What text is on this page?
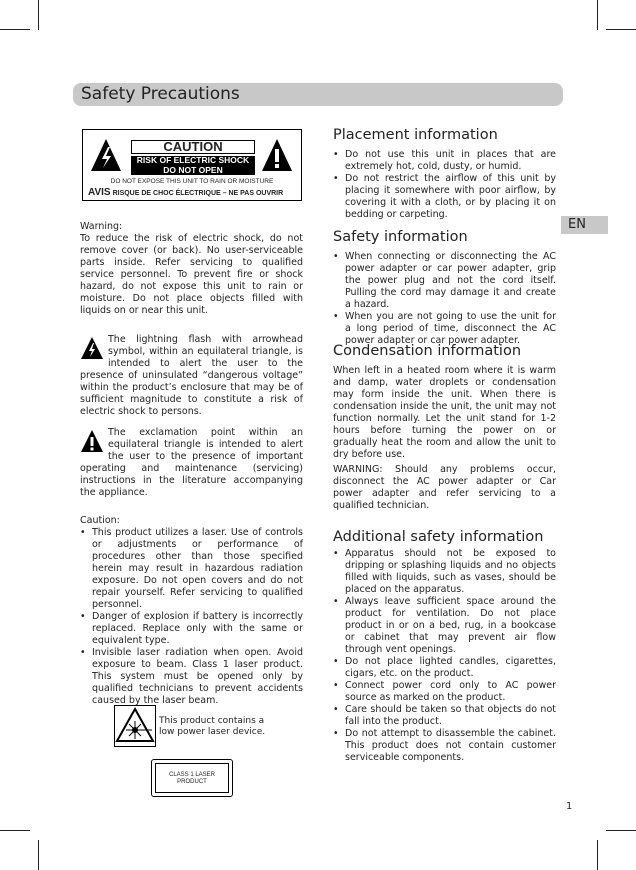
Safety Precautions
EN
1
CAUTION
RISK OF ELECTRIC SHOCK
DO NOT OPEN
DO NOT EXPOSE THIS UNIT TO RAIN OR MOISTURE
AVIS RISQUE DE CHOC ÉLECTRIQUE – NE PAS OUVRIR
Warning:
To reduce the risk of electric shock, do not remove cover (or back). No user-serviceable parts inside. Refer servicing to qualified service personnel. To prevent fire or shock hazard, do not expose this unit to rain or moisture. Do not place objects filled with liquids on or near this unit.
The lightning flash with arrowhead symbol, within an equilateral triangle, is intended to alert the user to the presence of uninsulated “dangerous voltage” within the product’s enclosure that may be of sufficient magnitude to constitute a risk of electric shock to persons.
The exclamation point within an equilateral triangle is intended to alert the user to the presence of important operating and maintenance (servicing) instructions in the literature accompanying the appliance.
Caution:
• This product utilizes a laser. Use of controls or adjustments or performance of procedures other than those specified herein may result in hazardous radiation exposure. Do not open covers and do not repair yourself. Refer servicing to qualified personnel.
• Danger of explosion if battery is incorrectly replaced. Replace only with the same or equivalent type.
• Invisible laser radiation when open. Avoid exposure to beam. Class 1 laser product. This system must be opened only by qualified technicians to prevent accidents caused by the laser beam.
This product contains a low power laser device.
CLASS 1 LASER
PRODUCT
Placement information
• Do not use this unit in places that are extremely hot, cold, dusty, or humid.
• Do not restrict the airflow of this unit by placing it somewhere with poor airflow, by covering it with a cloth, or by placing it on bedding or carpeting.
Safety information
• When connecting or disconnecting the AC power adapter or car power adapter, grip the power plug and not the cord itself. Pulling the cord may damage it and create a hazard.
• When you are not going to use the unit for a long period of time, disconnect the AC power adapter or car power adapter.
Condensation information
When left in a heated room where it is warm and damp, water droplets or condensation may form inside the unit. When there is condensation inside the unit, the unit may not function normally. Let the unit stand for 1-2 hours before turning the power on or gradually heat the room and allow the unit to dry before use.
WARNING: Should any problems occur, disconnect the AC power adapter or Car power adapter and refer servicing to a qualified technician.
Additional safety information
• Apparatus should not be exposed to dripping or splashing liquids and no objects filled with liquids, such as vases, should be placed on the apparatus.
• Always leave sufficient space around the product for ventilation. Do not place product in or on a bed, rug, in a bookcase or cabinet that may prevent air flow through vent openings.
• Do not place lighted candles, cigarettes, cigars, etc. on the product.
• Connect power cord only to AC power source as marked on the product.
• Care should be taken so that objects do not fall into the product.
• Do not attempt to disassemble the cabinet. This product does not contain customer serviceable components.
